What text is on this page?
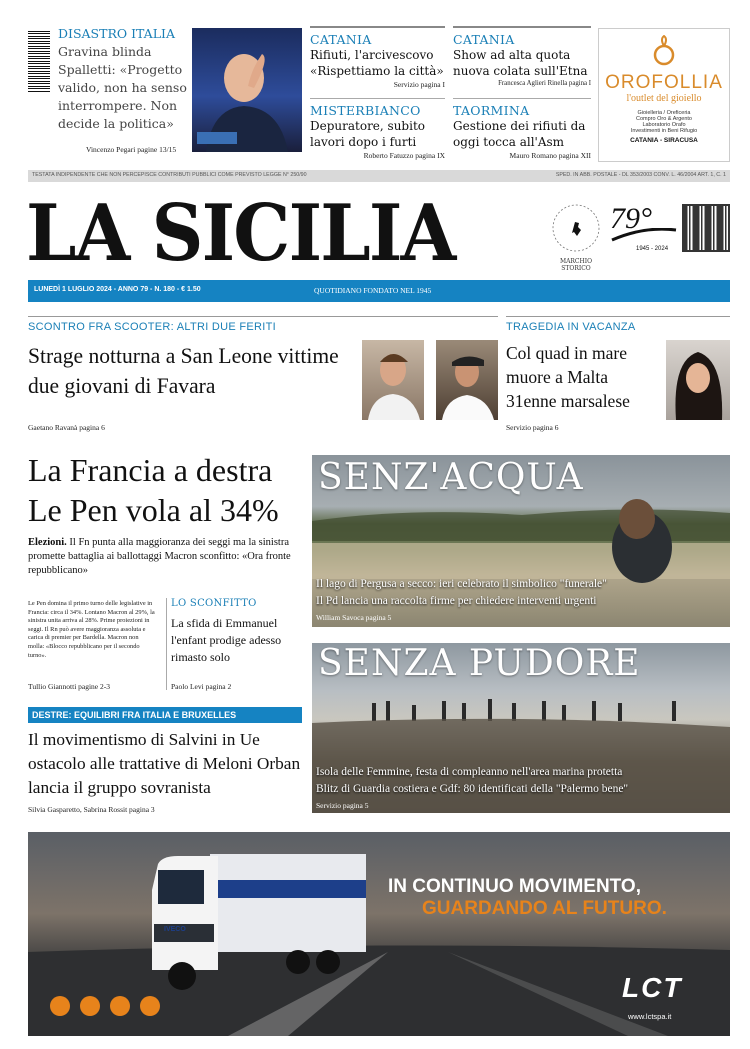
DISASTRO ITALIA
Gravina blinda Spalletti: «Progetto valido, non ha senso interrompere. Non decide la politica»
Vincenzo Pegari pagine 13/15
CATANIA
Rifiuti, l'arcivescovo «Rispettiamo la città»
Servizio pagina I
CATANIA
Show ad alta quota nuova colata sull'Etna
Francesca Aglieri Rinella pagina I
MISTERBIANCO
Depuratore, subito lavori dopo i furti
Roberto Fatuzzo pagina IX
TAORMINA
Gestione dei rifiuti da oggi tocca all'Asm
Mauro Romano pagina XII
OROFOLLIA
l'outlet del gioiello
Gioielleria / Oreficeria
Compro Oro & Argento
Laboratorio Orafo
Investimenti in Beni Rifugio
CATANIA - SIRACUSA
TESTATA INDIPENDENTE CHE NON PERCEPISCE CONTRIBUTI PUBBLICI COME PREVISTO LEGGE N° 250/90	SPED. IN ABB. POSTALE - DL 353/2003 CONV. L. 46/2004 ART. 1, C. 1
LA SICILIA	MARCHIO STORICO
79°
1945 - 2024
LUNEDÌ 1 LUGLIO 2024 - ANNO 79 - N. 180 - € 1.50	QUOTIDIANO FONDATO NEL 1945
SCONTRO FRA SCOOTER: ALTRI DUE FERITI
Strage notturna a San Leone vittime due giovani di Favara
Gaetano Ravanà pagina 6
TRAGEDIA IN VACANZA
Col quad in mare muore a Malta 31enne marsalese
Servizio pagina 6
La Francia a destra Le Pen vola al 34%
Elezioni. Il Fn punta alla maggioranza dei seggi ma la sinistra promette battaglia ai ballottaggi Macron sconfitto: «Ora fronte repubblicano»
Le Pen domina il primo turno delle legislative in Francia: circa il 34%. Lontano Macron al 29%, la sinistra unita arriva al 28%. Prime proiezioni in seggi. Il Rn può avere maggioranza assoluta e carica di premier per Bardella. Macron non molla: «Blocco repubblicano per il secondo turno».
Tullio Giannotti pagine 2-3
LO SCONFITTO
La sfida di Emmanuel l'enfant prodige adesso rimasto solo
Paolo Levi pagina 2
DESTRE: EQUILIBRI FRA ITALIA E BRUXELLES
Il movimentismo di Salvini in Ue ostacolo alle trattative di Meloni Orban lancia il gruppo sovranista
Silvia Gasparetto, Sabrina Rossit pagina 3
SENZ'ACQUA
Il lago di Pergusa a secco: ieri celebrato il simbolico "funerale"
Il Pd lancia una raccolta firme per chiedere interventi urgenti
William Savoca pagina 5
SENZA PUDORE
Isola delle Femmine, festa di compleanno nell'area marina protetta
Blitz di Guardia costiera e Gdf: 80 identificati della "Palermo bene"
Servizio pagina 5
IVECO
IN CONTINUO MOVIMENTO,
GUARDANDO AL FUTURO.
LCT
www.lctspa.it
